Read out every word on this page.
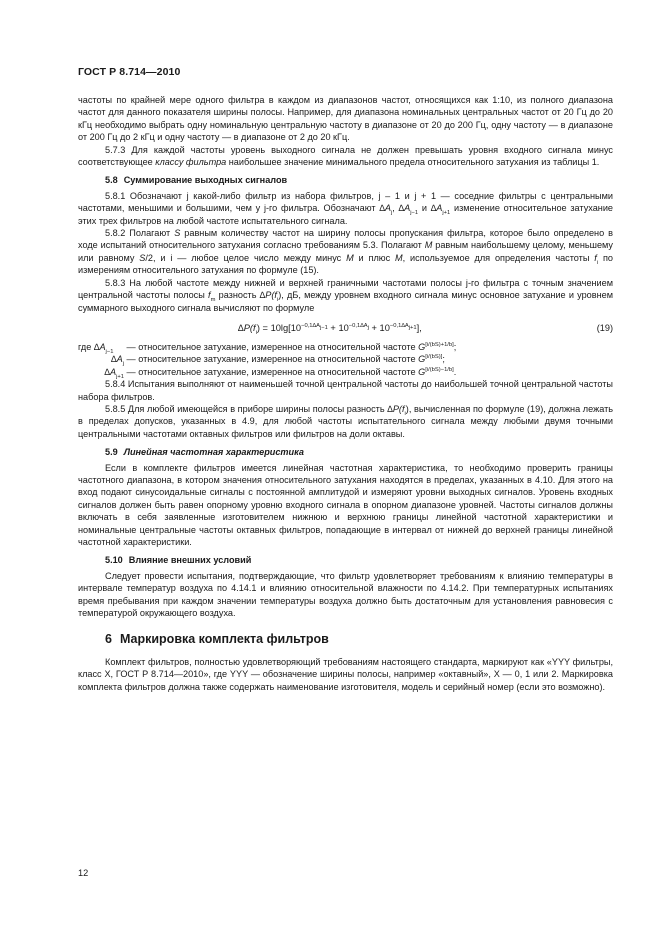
ГОСТ Р 8.714—2010

частоты по крайней мере одного фильтра в каждом из диапазонов частот, относящихся как 1:10, из полного диапазона частот для данного показателя ширины полосы. Например, для диапазона номинальных центральных частот от 20 Гц до 20 кГц необходимо выбрать одну номинальную центральную частоту в диапазоне от 20 до 200 Гц, одну частоту — в диапазоне от 200 Гц до 2 кГц и одну частоту — в диапазоне от 2 до 20 кГц.

5.7.3 Для каждой частоты уровень выходного сигнала не должен превышать уровня входного сигнала минус соответствующее классу фильтра наибольшее значение минимального предела относительного затухания из таблицы 1.

5.8 Суммирование выходных сигналов

5.8.1 Обозначают j какой-либо фильтр из набора фильтров, j – 1 и j + 1 — соседние фильтры с центральными частотами, меньшими и большими, чем у j-го фильтра. Обозначают $\Delta A_j$, $\Delta A_{j-1}$ и $\Delta A_{j+1}$ изменение относительное затухание этих трех фильтров на любой частоте испытательного сигнала.

5.8.2 Полагают S равным количеству частот на ширину полосы пропускания фильтра, которое было определено в ходе испытаний относительного затухания согласно требованиям 5.3. Полагают M равным наибольшему целому, меньшему или равному S/2, и i — любое целое число между минус M и плюс M, используемое для определения частоты $f_i$ по измерениям относительного затухания по формуле (15).

5.8.3 На любой частоте между нижней и верхней граничными частотами полосы j-го фильтра с точным значением центральной частоты полосы $f_m$ разность $\Delta P(f_i)$, дБ, между уровнем входного сигнала минус основное затухание и уровнем суммарного выходного сигнала вычисляют по формуле

$\Delta P(f_i) = 10\lg[10^{-0,1\Delta A_{j-1}} + 10^{-0,1\Delta A_j} + 10^{-0,1\Delta A_{j+1}}]$,	(19)
где $\Delta A_{j-1}$ — относительное затухание, измеренное на относительной частоте G[i/(bS)+1/b];
$\Delta A_j$ — относительное затухание, измеренное на относительной частоте G[i/(bS)];
$\Delta A_{j+1}$ — относительное затухание, измеренное на относительной частоте G[i/(bS)−1/b].

5.8.4 Испытания выполняют от наименьшей точной центральной частоты до наибольшей точной центральной частоты набора фильтров.

5.8.5 Для любой имеющейся в приборе ширины полосы разность $\Delta P(f_i)$, вычисленная по формуле (19), должна лежать в пределах допусков, указанных в 4.9, для любой частоты испытательного сигнала между любыми двумя точными центральными частотами октавных фильтров или фильтров на доли октавы.

5.9 Линейная частотная характеристика

Если в комплекте фильтров имеется линейная частотная характеристика, то необходимо проверить границы частотного диапазона, в котором значения относительного затухания находятся в пределах, указанных в 4.10. Для этого на вход подают синусоидальные сигналы с постоянной амплитудой и измеряют уровни выходных сигналов. Уровень входных сигналов должен быть равен опорному уровню входного сигнала в опорном диапазоне уровней. Частоты сигналов должны включать в себя заявленные изготовителем нижнюю и верхнюю границы линейной частотной характеристики и номинальные центральные частоты октавных фильтров, попадающие в интервал от нижней до верхней границы линейной частотной характеристики.

5.10 Влияние внешних условий

Следует провести испытания, подтверждающие, что фильтр удовлетворяет требованиям к влиянию температуры в интервале температур воздуха по 4.14.1 и влиянию относительной влажности по 4.14.2. При температурных испытаниях время пребывания при каждом значении температуры воздуха должно быть достаточным для установления равновесия с температурой окружающего воздуха.

6 Маркировка комплекта фильтров

Комплект фильтров, полностью удовлетворяющий требованиям настоящего стандарта, маркируют как «YYY фильтры, класс X, ГОСТ Р 8.714—2010», где YYY — обозначение ширины полосы, например «октавный», X — 0, 1 или 2. Маркировка комплекта фильтров должна также содержать наименование изготовителя, модель и серийный номер (если это возможно).

12
